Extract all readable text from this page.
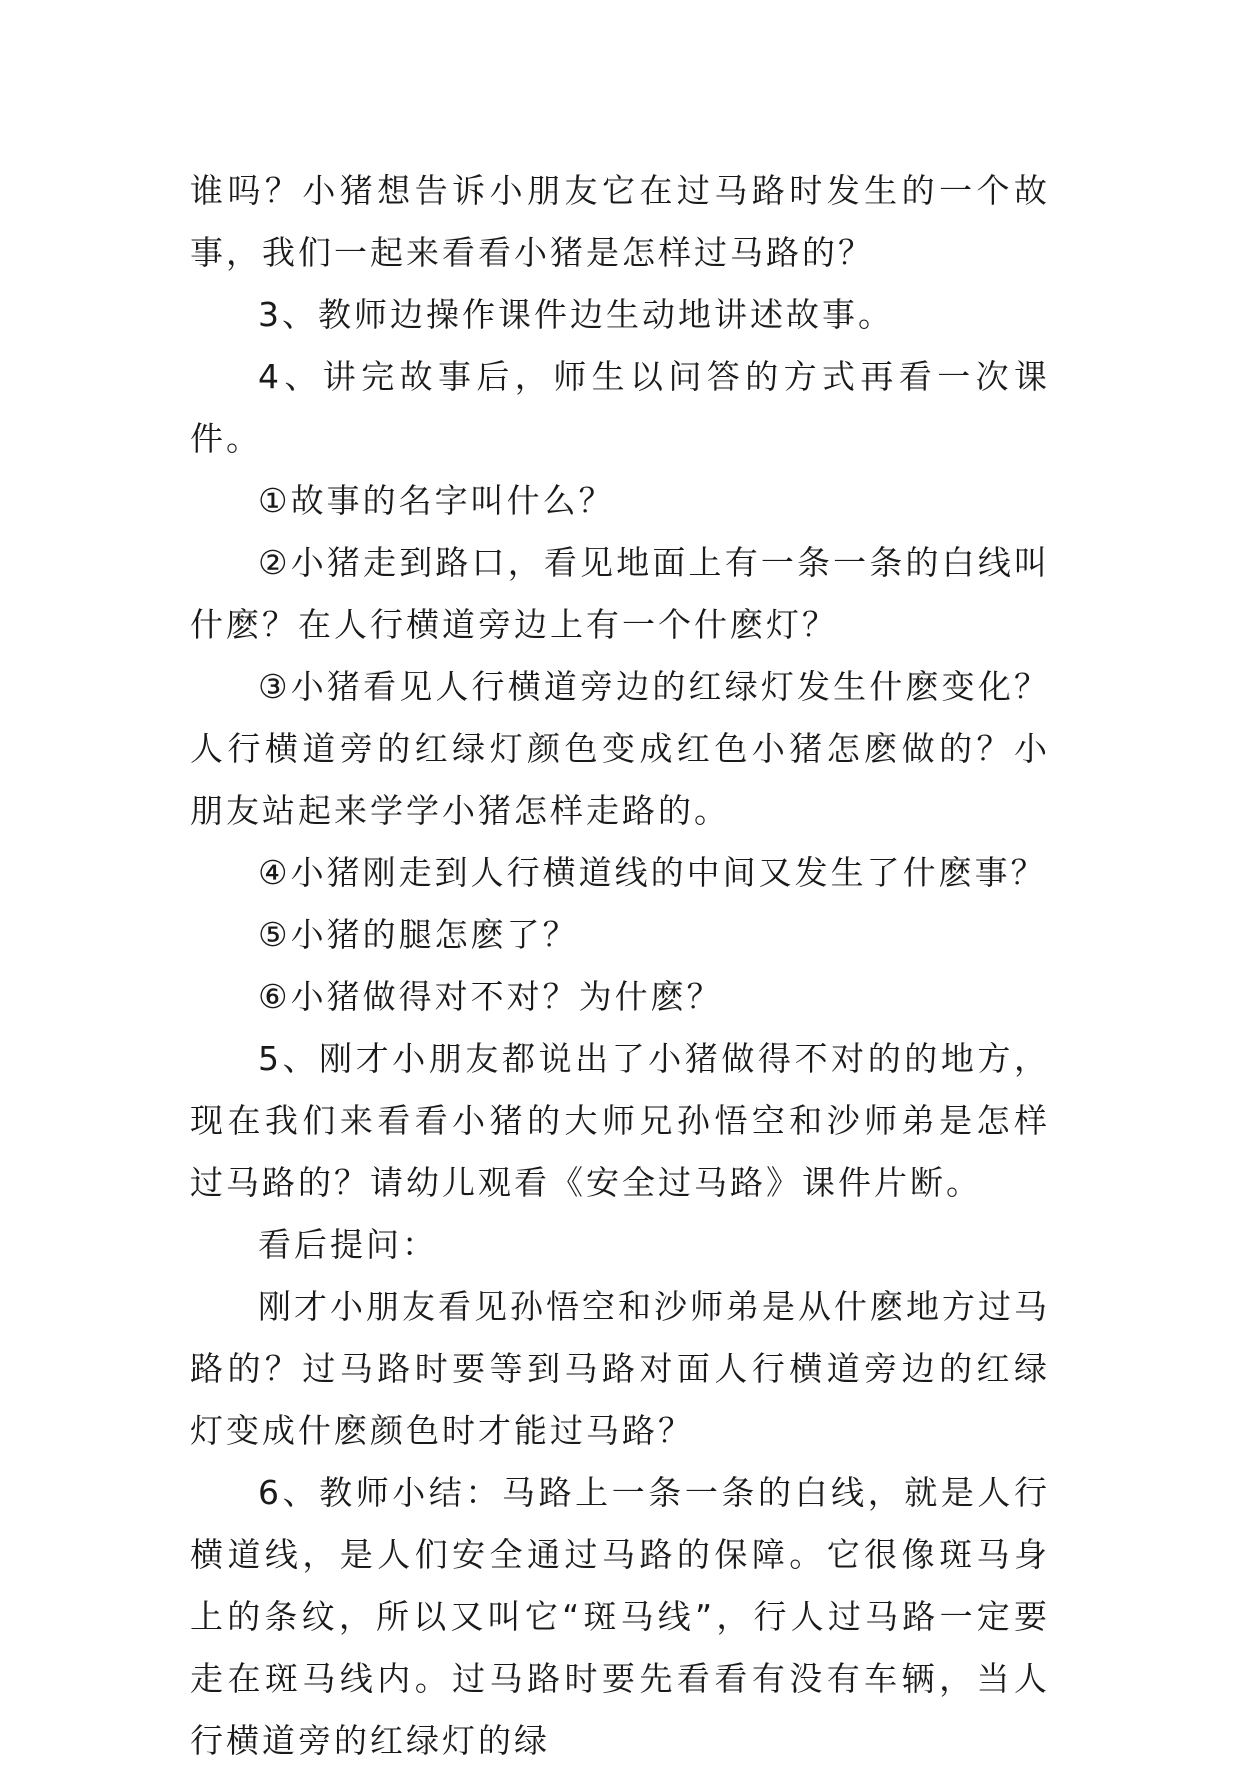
谁吗？小猪想告诉小朋友它在过马路时发生的一个故事，我们一起来看看小猪是怎样过马路的？

3、教师边操作课件边生动地讲述故事。

4、讲完故事后，师生以问答的方式再看一次课件。

①故事的名字叫什么？

②小猪走到路口，看见地面上有一条一条的白线叫什麽？在人行横道旁边上有一个什麽灯？

③小猪看见人行横道旁边的红绿灯发生什麽变化？人行横道旁的红绿灯颜色变成红色小猪怎麽做的？小朋友站起来学学小猪怎样走路的。

④小猪刚走到人行横道线的中间又发生了什麽事？

⑤小猪的腿怎麽了？

⑥小猪做得对不对？为什麽？

5、刚才小朋友都说出了小猪做得不对的的地方，现在我们来看看小猪的大师兄孙悟空和沙师弟是怎样过马路的？请幼儿观看《安全过马路》课件片断。

看后提问：

刚才小朋友看见孙悟空和沙师弟是从什麽地方过马路的？过马路时要等到马路对面人行横道旁边的红绿灯变成什麽颜色时才能过马路？

6、教师小结：马路上一条一条的白线，就是人行横道线，是人们安全通过马路的保障。它很像斑马身上的条纹，所以又叫它“斑马线”，行人过马路一定要走在斑马线内。过马路时要先看看有没有车辆，当人行横道旁的红绿灯的绿
